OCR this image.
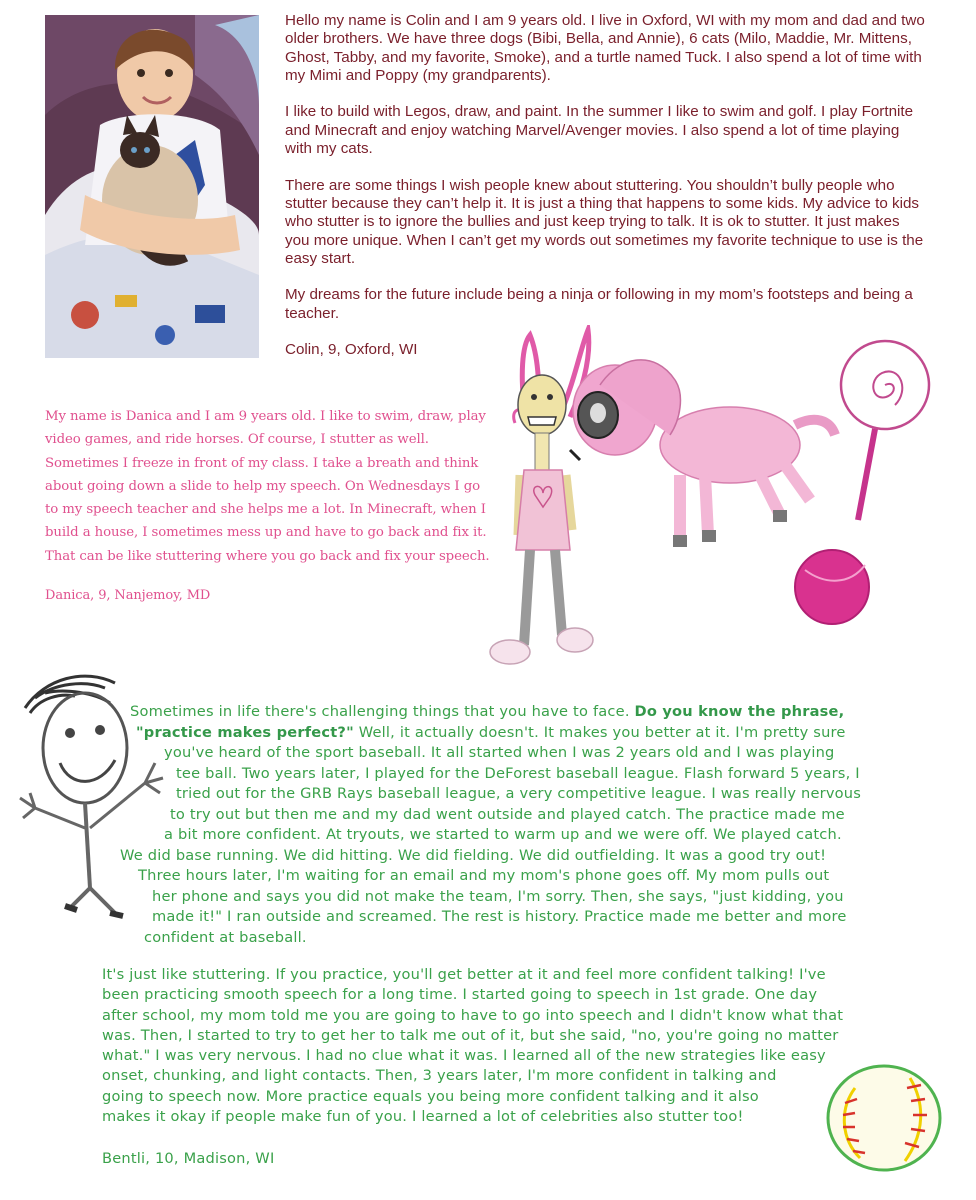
Hello my name is Colin and I am 9 years old. I live in Oxford, WI with my mom and dad and two older brothers. We have three dogs (Bibi, Bella, and Annie), 6 cats (Milo, Maddie, Mr. Mittens, Ghost, Tabby, and my favorite, Smoke), and a turtle named Tuck. I also spend a lot of time with my Mimi and Poppy (my grandparents).

I like to build with Legos, draw, and paint. In the summer I like to swim and golf. I play Fortnite and Minecraft and enjoy watching Marvel/Avenger movies. I also spend a lot of time playing with my cats.

There are some things I wish people knew about stuttering. You shouldn’t bully people who stutter because they can’t help it. It is just a thing that happens to some kids. My advice to kids who stutter is to ignore the bullies and just keep trying to talk. It is ok to stutter. It just makes you more unique. When I can’t get my words out sometimes my favorite technique to use is the easy start.

My dreams for the future include being a ninja or following in my mom’s footsteps and being a teacher.

Colin, 9, Oxford, WI

My name is Danica and I am 9 years old. I like to swim, draw, play video games, and ride horses. Of course, I stutter as well. Sometimes I freeze in front of my class. I take a breath and think about going down a slide to help my speech. On Wednesdays I go to my speech teacher and she helps me a lot. In Minecraft, when I build a house, I sometimes mess up and have to go back and fix it. That can be like stuttering where you go back and fix your speech.

Danica, 9, Nanjemoy, MD

Sometimes in life there's challenging things that you have to face. Do you know the phrase,
"practice makes perfect?" Well, it actually doesn't. It makes you better at it. I'm pretty sure
you've heard of the sport baseball. It all started when I was 2 years old and I was playing
tee ball. Two years later, I played for the DeForest baseball league. Flash forward 5 years, I
tried out for the GRB Rays baseball league, a very competitive league. I was really nervous
to try out but then me and my dad went outside and played catch. The practice made me
a bit more confident. At tryouts, we started to warm up and we were off. We played catch.
We did base running. We did hitting. We did fielding. We did outfielding. It was a good try out!
Three hours later, I'm waiting for an email and my mom's phone goes off. My mom pulls out
her phone and says you did not make the team, I'm sorry. Then, she says, "just kidding, you
made it!" I ran outside and screamed. The rest is history. Practice made me better and more
confident at baseball.
It's just like stuttering. If you practice, you'll get better at it and feel more confident talking! I've
been practicing smooth speech for a long time. I started going to speech in 1st grade. One day
after school, my mom told me you are going to have to go into speech and I didn't know what that
was. Then, I started to try to get her to talk me out of it, but she said, "no, you're going no matter
what." I was very nervous. I had no clue what it was. I learned all of the new strategies like easy
onset, chunking, and light contacts. Then, 3 years later, I'm more confident in talking and
going to speech now. More practice equals you being more confident talking and it also
makes it okay if people make fun of you. I learned a lot of celebrities also stutter too!
Bentli, 10, Madison, WI
